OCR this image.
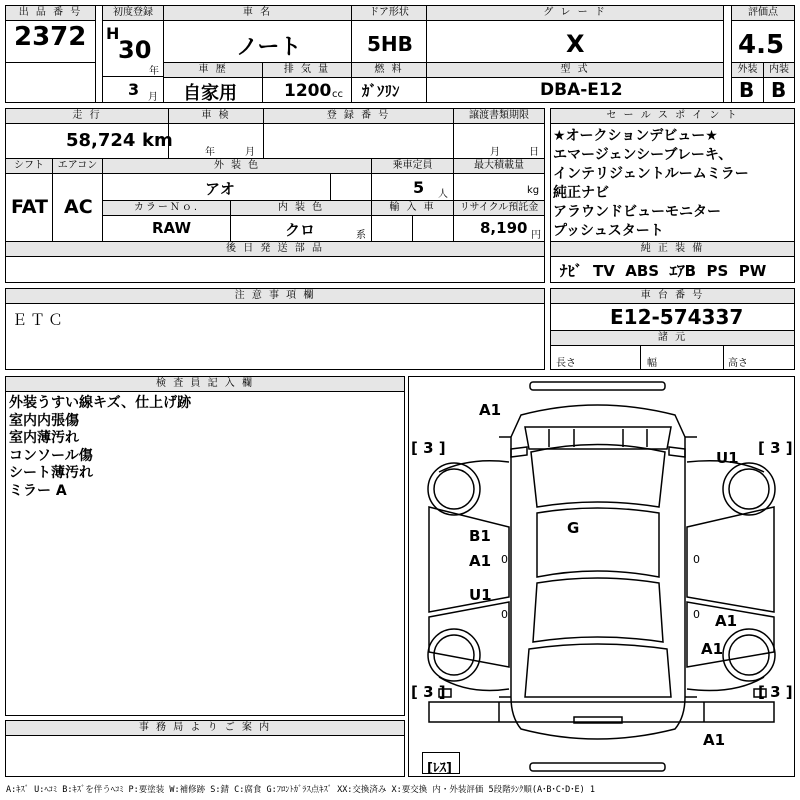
出 品 番 号
2372
初度登録
H
30
年
3 月
車 名
ノート
ドア形状
5HB
グ レ ー ド
X
評価点
4.5
外装	内装
B B
車 歴
自家用
排 気 量
1200 cc
燃 料
ｶﾞｿﾘﾝ
型 式
DBA-E12
走 行
58,724 km
車 検
年	月
登 録 番 号	譲渡書類期限
月	日
シフト
FAT
エアコン
AC
外 装 色
アオ
乗車定員
5 人
最大積載量
kg
カラーＮｏ.
RAW
内 装 色
クロ	系
輸 入 車	リサイクル預託金
8,190 円
後 日 発 送 部 品
セ ー ル ス ポ イ ン ト
★オークションデビュー★
エマージェンシーブレーキ、
インテリジェントルームミラー
純正ナビ
アラウンドビューモニター
プッシュスタート
純 正 装 備
ﾅﾋﾞ TV ABS ｴｱB PS PW
注 意 事 項 欄
ＥＴＣ
車 台 番 号
E12-574337
諸 元
長さ	幅	高さ
検 査 員 記 入 欄
外装うすい線キズ、仕上げ跡
室内内張傷
室内薄汚れ
コンソール傷
シート薄汚れ
ミラー A
事 務 局 よ り ご 案 内
A1
U1
G
B1
A1
U1
A1
A1
A1
[ 3 ]	[ 3 ]
[ 3 ]	[ 3 ]
0
0
0
0
[ﾚｽ]
A:ｷｽﾞ U:ﾍｺﾐ B:ｷｽﾞを伴うﾍｺﾐ P:要塗装 W:補修跡 S:錆 C:腐食 G:ﾌﾛﾝﾄｶﾞﾗｽ点ｷｽﾞ XX:交換済み X:要交換 内・外装評価 5段階ﾗﾝｸ順(A･B･C･D･E) 1
